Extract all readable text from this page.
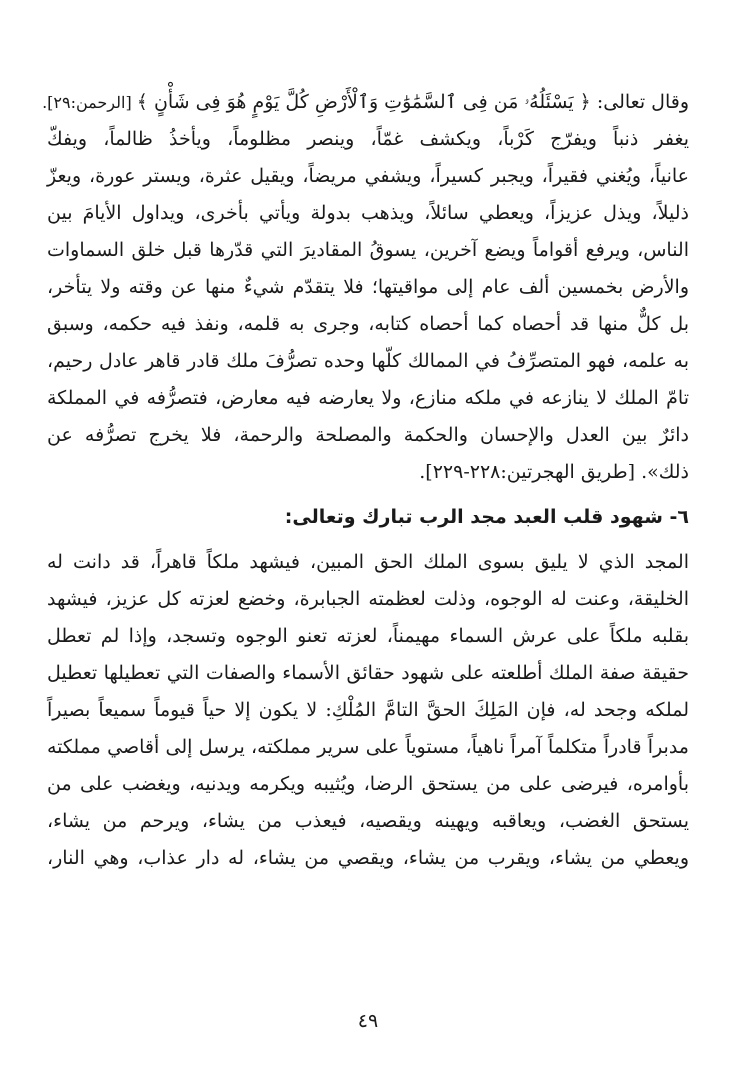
وقال تعالى: ﴿ يَسْئَلُهُۥ مَن فِى ٱلسَّمَٰوَٰتِ وَٱلْأَرْضِ كُلَّ يَوْمٍ هُوَ فِى شَأْنٍ ﴾ [الرحمن:٢٩].
يغفر ذنباً ويفرّج كَرْباً، ويكشف غمّاً، وينصر مظلوماً، ويأخذُ ظالماً، ويفكّ
عانياً، ويُغني فقيراً، ويجبر كسيراً، ويشفي مريضاً، ويقيل عثرة، ويستر عورة، ويعزّ
ذليلاً، ويذل عزيزاً، ويعطي سائلاً، ويذهب بدولة ويأتي بأخرى، ويداول الأيامَ بين
الناس، ويرفع أقواماً ويضع آخرين، يسوقُ المقاديرَ التي قدّرها قبل خلق السماوات
والأرض بخمسين ألف عام إلى مواقيتها؛ فلا يتقدّم شيءٌ منها عن وقته ولا يتأخر،
بل كلٌّ منها قد أحصاه كما أحصاه كتابه، وجرى به قلمه، ونفذ فيه حكمه، وسبق
به علمه، فهو المتصرِّفُ في الممالك كلّها وحده تصرُّفَ ملك قادر قاهر عادل رحيم،
تامّ الملك لا ينازعه في ملكه منازع، ولا يعارضه فيه معارض، فتصرُّفه في المملكة
دائرٌ بين العدل والإحسان والحكمة والمصلحة والرحمة، فلا يخرج تصرُّفه عن
ذلك». [طريق الهجرتين:٢٢٨-٢٢٩].
٦- شهود قلب العبد مجد الرب تبارك وتعالى:
المجد الذي لا يليق بسوى الملك الحق المبين، فيشهد ملكاً قاهراً، قد دانت له
الخليقة، وعنت له الوجوه، وذلت لعظمته الجبابرة، وخضع لعزته كل عزيز، فيشهد
بقلبه ملكاً على عرش السماء مهيمناً، لعزته تعنو الوجوه وتسجد، وإذا لم تعطل
حقيقة صفة الملك أطلعته على شهود حقائق الأسماء والصفات التي تعطيلها تعطيل
لملكه وجحد له، فإن المَلِكَ الحقَّ التامَّ المُلْكِ: لا يكون إلا حياً قيوماً سميعاً بصيراً
مدبراً قادراً متكلماً آمراً ناهياً، مستوياً على سرير مملكته، يرسل إلى أقاصي مملكته
بأوامره، فيرضى على من يستحق الرضا، ويُثيبه ويكرمه ويدنيه، ويغضب على من
يستحق الغضب، ويعاقبه ويهينه ويقصيه، فيعذب من يشاء، ويرحم من يشاء،
ويعطي من يشاء، ويقرب من يشاء، ويقصي من يشاء، له دار عذاب، وهي النار،
٤٩
